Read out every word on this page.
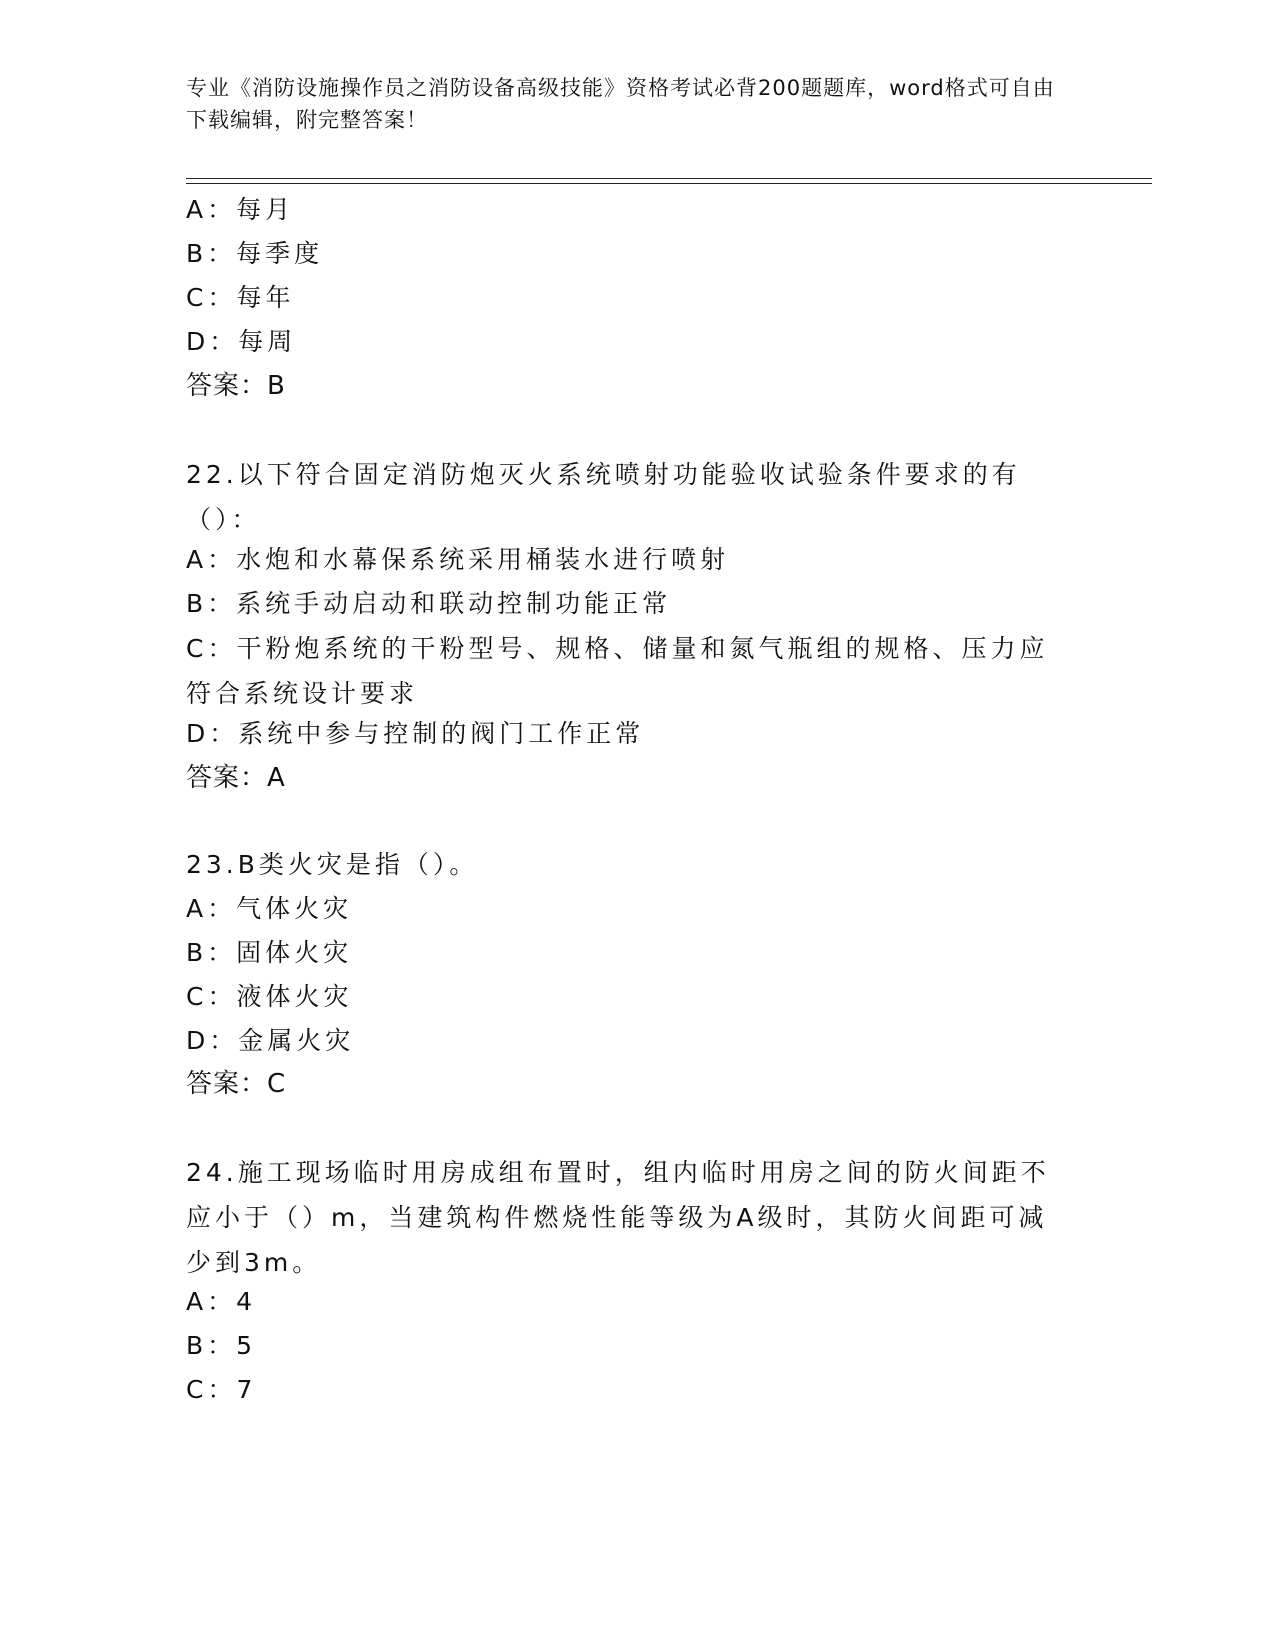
专业《消防设施操作员之消防设备高级技能》资格考试必背200题题库，word格式可自由下载编辑，附完整答案！
A：每月
B：每季度
C：每年
D：每周
答案：B
22.以下符合固定消防炮灭火系统喷射功能验收试验条件要求的有（）：
A：水炮和水幕保系统采用桶装水进行喷射
B：系统手动启动和联动控制功能正常
C：干粉炮系统的干粉型号、规格、储量和氮气瓶组的规格、压力应符合系统设计要求
D：系统中参与控制的阀门工作正常
答案：A
23.B类火灾是指（）。
A：气体火灾
B：固体火灾
C：液体火灾
D：金属火灾
答案：C
24.施工现场临时用房成组布置时，组内临时用房之间的防火间距不应小于（）m，当建筑构件燃烧性能等级为A级时，其防火间距可减少到3m。
A：4
B：5
C：7
